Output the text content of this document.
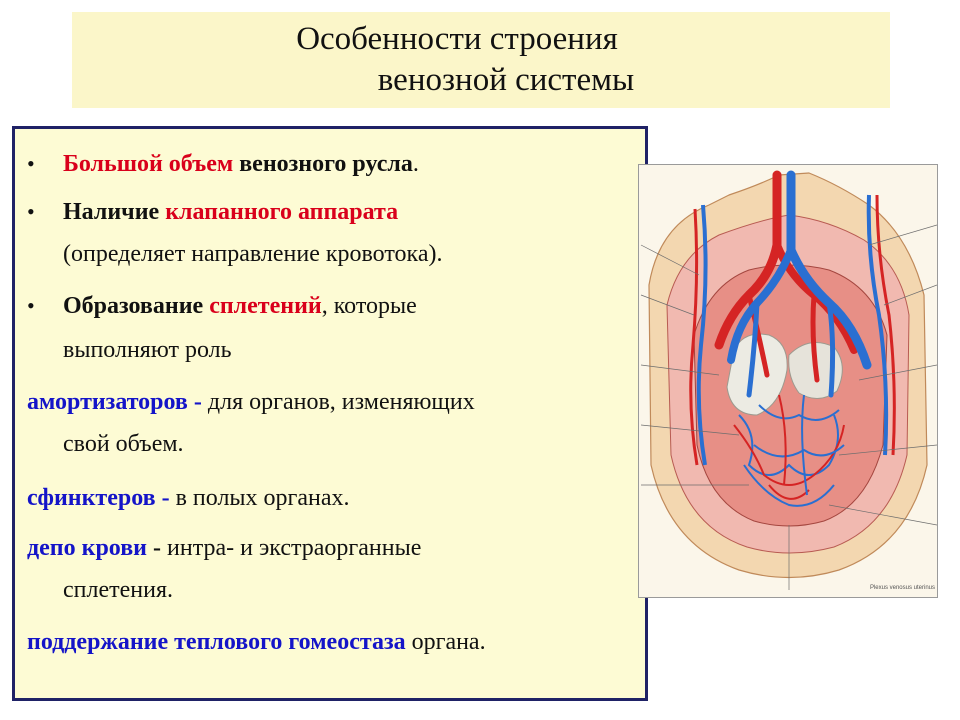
Особенности строения
венозной системы
• Большой объем венозного русла.
• Наличие клапанного аппарата
(определяет направление кровотока).
• Образование сплетений, которые
выполняют роль
амортизаторов - для органов, изменяющих
свой объем.
сфинктеров - в полых органах.
депо крови - интра- и экстраорганные
сплетения.
поддержание теплового гомеостаза органа.
Plexus venosus uterinus
